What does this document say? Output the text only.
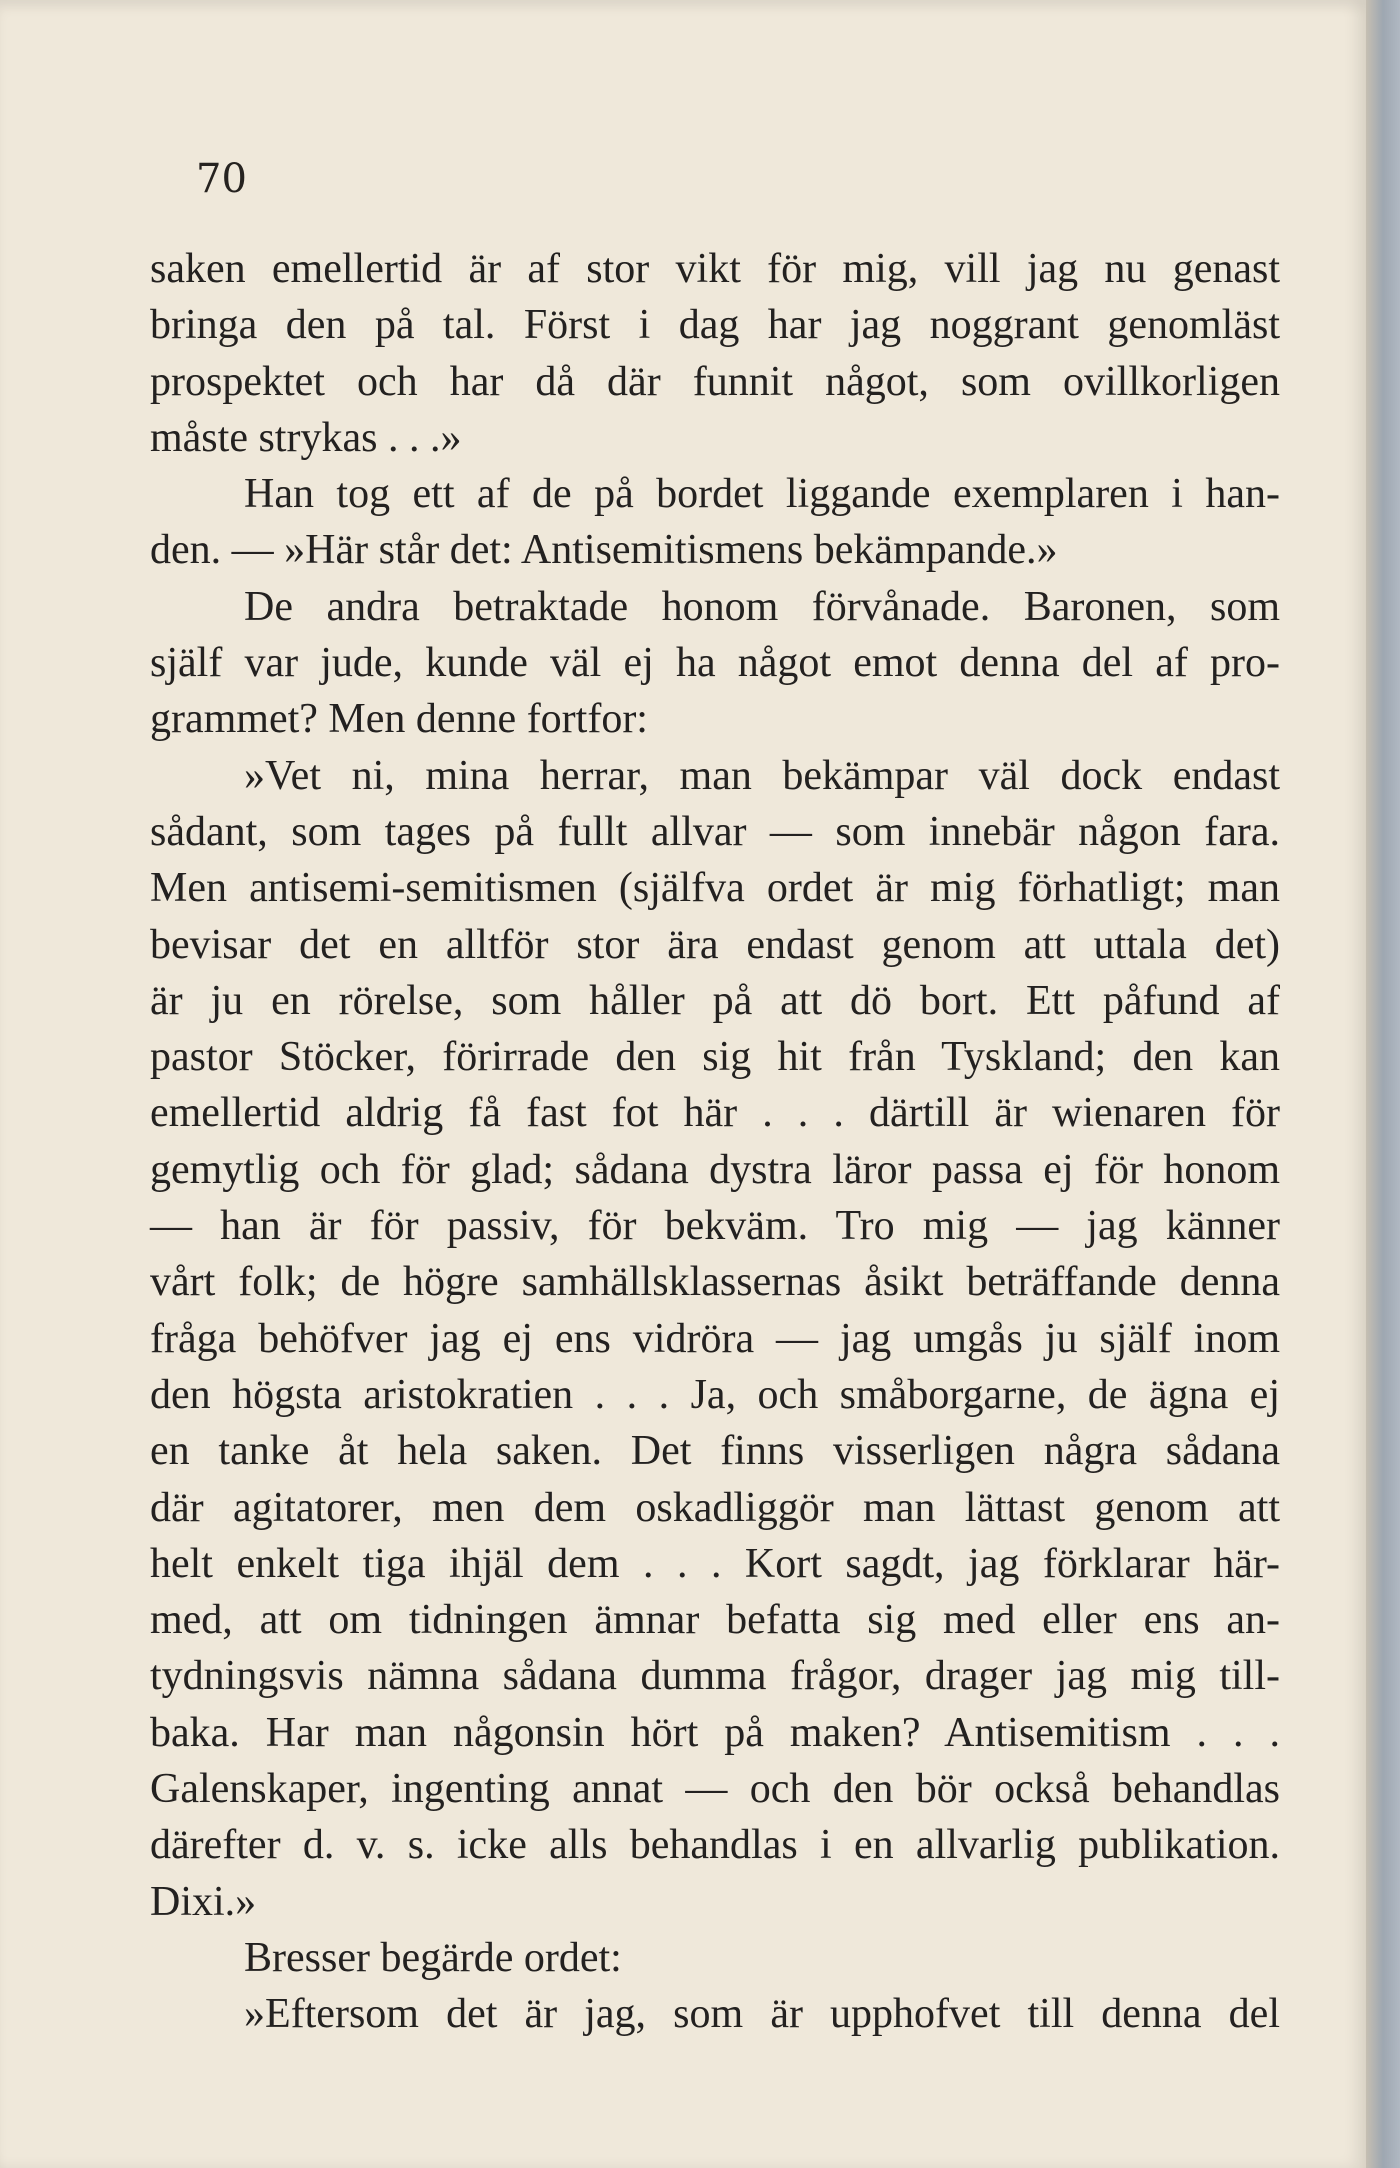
70
saken emellertid är af stor vikt för mig, vill jag nu genast
bringa den på tal. Först i dag har jag noggrant genomläst
prospektet och har då där funnit något, som ovillkorligen
måste strykas . . .»
Han tog ett af de på bordet liggande exemplaren i han-
den. — »Här står det: Antisemitismens bekämpande.»
De andra betraktade honom förvånade. Baronen, som
själf var jude, kunde väl ej ha något emot denna del af pro-
grammet? Men denne fortfor:
»Vet ni, mina herrar, man bekämpar väl dock endast
sådant, som tages på fullt allvar — som innebär någon fara.
Men antisemi-semitismen (själfva ordet är mig förhatligt; man
bevisar det en alltför stor ära endast genom att uttala det)
är ju en rörelse, som håller på att dö bort. Ett påfund af
pastor Stöcker, förirrade den sig hit från Tyskland; den kan
emellertid aldrig få fast fot här . . . därtill är wienaren för
gemytlig och för glad; sådana dystra läror passa ej för honom
— han är för passiv, för bekväm. Tro mig — jag känner
vårt folk; de högre samhällsklassernas åsikt beträffande denna
fråga behöfver jag ej ens vidröra — jag umgås ju själf inom
den högsta aristokratien . . . Ja, och småborgarne, de ägna ej
en tanke åt hela saken. Det finns visserligen några sådana
där agitatorer, men dem oskadliggör man lättast genom att
helt enkelt tiga ihjäl dem . . . Kort sagdt, jag förklarar här-
med, att om tidningen ämnar befatta sig med eller ens an-
tydningsvis nämna sådana dumma frågor, drager jag mig till-
baka. Har man någonsin hört på maken? Antisemitism . . .
Galenskaper, ingenting annat — och den bör också behandlas
därefter d. v. s. icke alls behandlas i en allvarlig publikation.
Dixi.»
Bresser begärde ordet:
»Eftersom det är jag, som är upphofvet till denna del
